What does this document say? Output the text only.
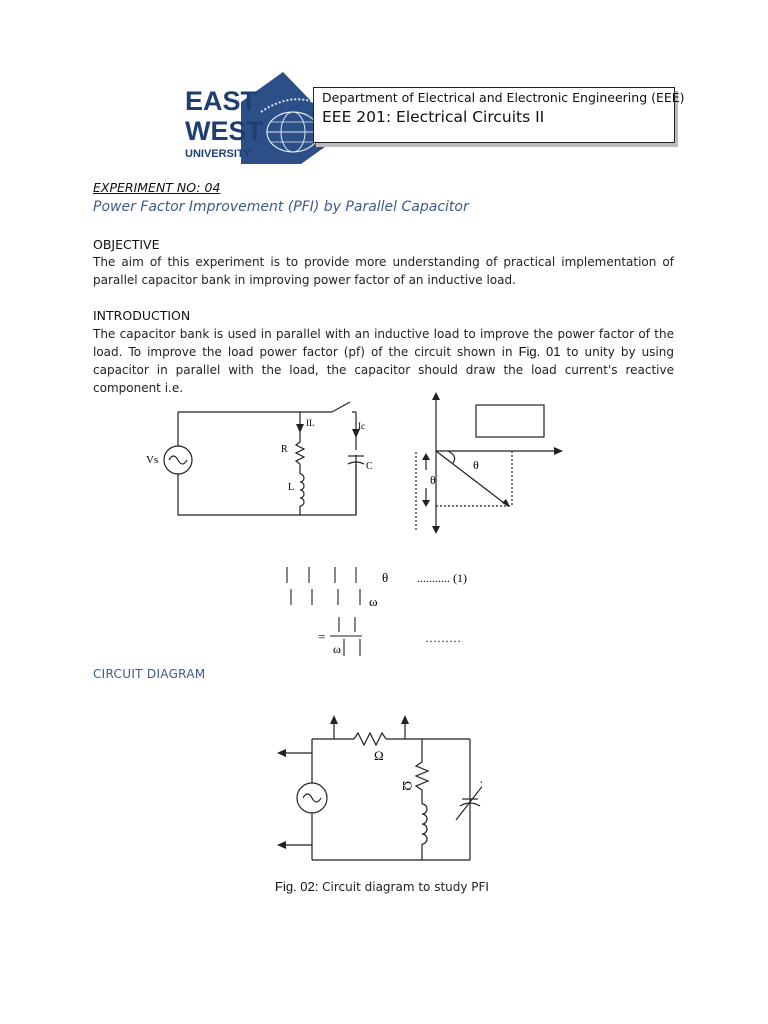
EAST
WEST
UNIVERSITY
Department of Electrical and Electronic Engineering (EEE)
EEE 201: Electrical Circuits II
EXPERIMENT NO: 04
Power Factor Improvement (PFI) by Parallel Capacitor
OBJECTIVE
The aim of this experiment is to provide more understanding of practical implementation of parallel capacitor bank in improving power factor of an inductive load.
INTRODUCTION
The capacitor bank is used in parallel with an inductive load to improve the power factor of the load. To improve the load power factor (pf) of the circuit shown in Fig. 01 to unity by using capacitor in parallel with the load, the capacitor should draw the load current's reactive component i.e.
Vs
IL	Ic
R
L
C	θ
θ
θ ........... (1)
ω
=
ω
………
CIRCUIT DIAGRAM
Ω
Ω
Fig. 02: Circuit diagram to study PFI
